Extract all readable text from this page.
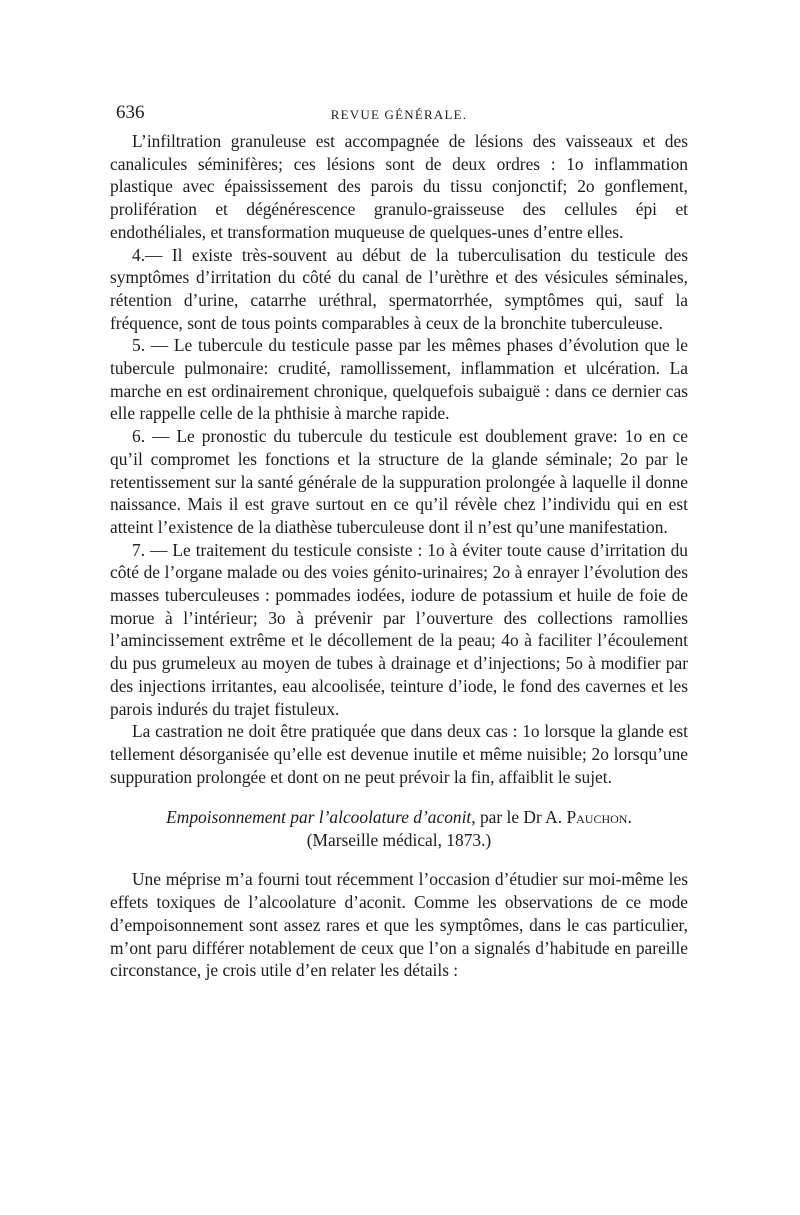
636	REVUE GÉNÉRALE.

L’infiltration granuleuse est accompagnée de lésions des vaisseaux et des canalicules séminifères; ces lésions sont de deux ordres : 1o inflammation plastique avec épaississement des parois du tissu conjonctif; 2o gonflement, prolifération et dégénérescence granulo-graisseuse des cellules épi et endothéliales, et transformation muqueuse de quelques-unes d’entre elles.

4.— Il existe très-souvent au début de la tuberculisation du testicule des symptômes d’irritation du côté du canal de l’urèthre et des vésicules séminales, rétention d’urine, catarrhe uréthral, spermatorrhée, symptômes qui, sauf la fréquence, sont de tous points comparables à ceux de la bronchite tuberculeuse.

5. — Le tubercule du testicule passe par les mêmes phases d’évolution que le tubercule pulmonaire: crudité, ramollissement, inflammation et ulcération. La marche en est ordinairement chronique, quelquefois subaiguë : dans ce dernier cas elle rappelle celle de la phthisie à marche rapide.

6. — Le pronostic du tubercule du testicule est doublement grave: 1o en ce qu’il compromet les fonctions et la structure de la glande séminale; 2o par le retentissement sur la santé générale de la suppuration prolongée à laquelle il donne naissance. Mais il est grave surtout en ce qu’il révèle chez l’individu qui en est atteint l’existence de la diathèse tuberculeuse dont il n’est qu’une manifestation.

7. — Le traitement du testicule consiste : 1o à éviter toute cause d’irritation du côté de l’organe malade ou des voies génito-urinaires; 2o à enrayer l’évolution des masses tuberculeuses : pommades iodées, iodure de potassium et huile de foie de morue à l’intérieur; 3o à prévenir par l’ouverture des collections ramollies l’amincissement extrême et le décollement de la peau; 4o à faciliter l’écoulement du pus grumeleux au moyen de tubes à drainage et d’injections; 5o à modifier par des injections irritantes, eau alcoolisée, teinture d’iode, le fond des cavernes et les parois indurés du trajet fistuleux.

La castration ne doit être pratiquée que dans deux cas : 1o lorsque la glande est tellement désorganisée qu’elle est devenue inutile et même nuisible; 2o lorsqu’une suppuration prolongée et dont on ne peut prévoir la fin, affaiblit le sujet.

Empoisonnement par l’alcoolature d’aconit, par le Dr A. Pauchon.
(Marseille médical, 1873.)

Une méprise m’a fourni tout récemment l’occasion d’étudier sur moi-même les effets toxiques de l’alcoolature d’aconit. Comme les observations de ce mode d’empoisonnement sont assez rares et que les symptômes, dans le cas particulier, m’ont paru différer notablement de ceux que l’on a signalés d’habitude en pareille circonstance, je crois utile d’en relater les détails :
